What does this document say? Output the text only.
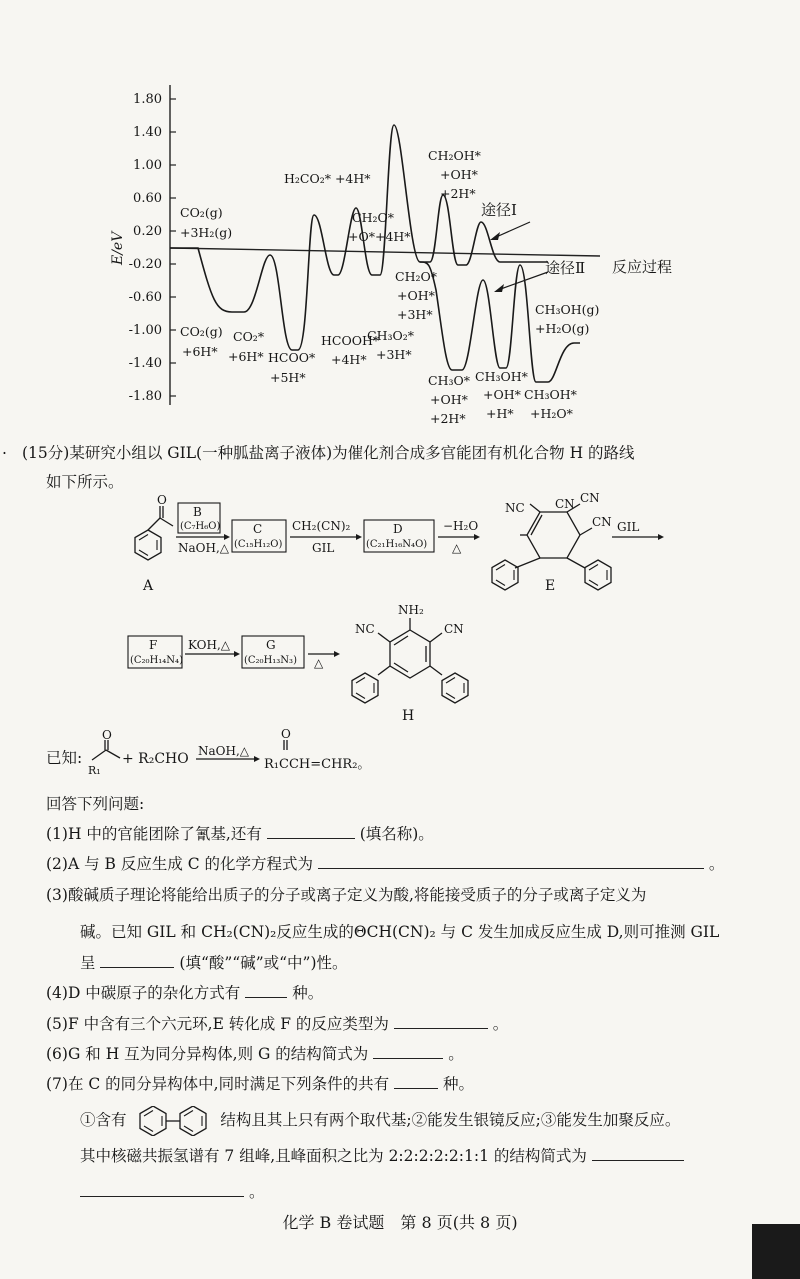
1.80
1.40
1.00
0.60
0.20
-0.20
-0.60
-1.00
-1.40
-1.80
E/eV
反应过程
途径Ⅰ
途径Ⅱ
CO₂(g)
+3H₂(g)
CO₂(g)
+6H*
CO₂*
+6H* HCOO*
+5H*
H₂CO₂* +4H*
HCOOH*
+4H*
CH₂O*
+O*+4H*
CH₃O₂*
+3H*
CH₂OH*
+OH*
+2H*
CH₂O*
+OH*
+3H*
CH₃O*
+OH*
+2H*
CH₃OH*
+OH*
+H*
CH₃OH*
+H₂O*
CH₃OH(g)
+H₂O(g)
. (15分)某研究小组以 GIL(一种胍盐离子液体)为催化剂合成多官能团有机化合物 H 的路线
如下所示。
O
A
B
(C₇H₆O)
NaOH,△
C
(C₁₅H₁₂O)
CH₂(CN)₂
GIL
D
(C₂₁H₁₆N₄O)
−H₂O
△
NC	CN CN
CN
E
GIL
F
(C₂₀H₁₄N₄)
KOH,△	G
(C₂₀H₁₃N₃) △
NH₂
NC	CN
H
已知:
O
R₁
+ R₂CHO NaOH,△
O
R₁CCH=CHR₂。
回答下列问题:
(1)H 中的官能团除了氰基,还有	(填名称)。
(2)A 与 B 反应生成 C 的化学方程式为	。
(3)酸碱质子理论将能给出质子的分子或离子定义为酸,将能接受质子的分子或离子定义为
碱。已知 GIL 和 CH₂(CN)₂反应生成的ΘCH(CN)₂ 与 C 发生加成反应生成 D,则可推测 GIL
呈	(填“酸”“碱”或“中”)性。
(4)D 中碳原子的杂化方式有	种。
(5)F 中含有三个六元环,E 转化成 F 的反应类型为	。
(6)G 和 H 互为同分异构体,则 G 的结构简式为	。
(7)在 C 的同分异构体中,同时满足下列条件的共有	种。
①含有	结构且其上只有两个取代基;②能发生银镜反应;③能发生加聚反应。
其中核磁共振氢谱有 7 组峰,且峰面积之比为 2:2:2:2:2:1:1 的结构简式为
。
化学 B 卷试题　第 8 页(共 8 页)
